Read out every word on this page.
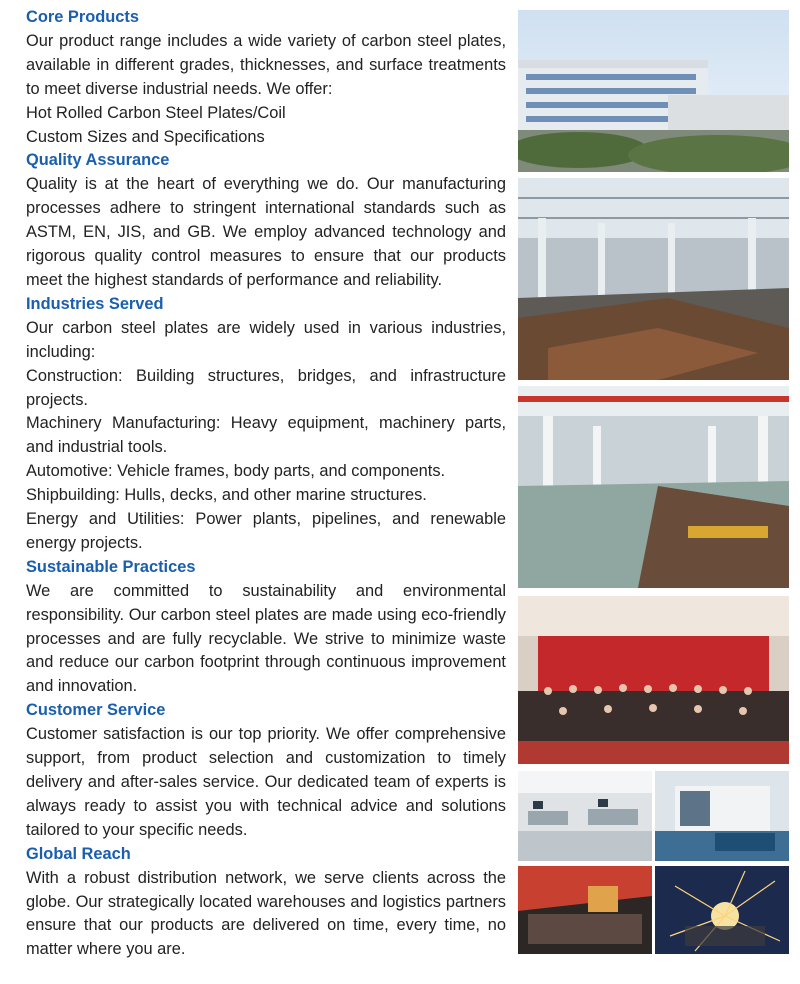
Core Products

Our product range includes a wide variety of carbon steel plates, available in different grades, thicknesses, and surface treatments to meet diverse industrial needs. We offer:

Hot Rolled Carbon Steel Plates/Coil

Custom Sizes and Specifications

Quality Assurance

Quality is at the heart of everything we do. Our manufacturing processes adhere to stringent international standards such as ASTM, EN, JIS, and GB. We employ advanced technology and rigorous quality control measures to ensure that our products meet the highest standards of performance and reliability.

Industries Served

Our carbon steel plates are widely used in various industries, including:

Construction: Building structures, bridges, and infrastructure projects.

Machinery Manufacturing: Heavy equipment, machinery parts, and industrial tools.

Automotive: Vehicle frames, body parts, and components.

Shipbuilding: Hulls, decks, and other marine structures.

Energy and Utilities: Power plants, pipelines, and renewable energy projects.

Sustainable Practices

We are committed to sustainability and environmental responsibility. Our carbon steel plates are made using eco-friendly processes and are fully recyclable. We strive to minimize waste and reduce our carbon footprint through continuous improvement and innovation.

Customer Service

Customer satisfaction is our top priority. We offer comprehensive support, from product selection and customization to timely delivery and after-sales service. Our dedicated team of experts is always ready to assist you with technical advice and solutions tailored to your specific needs.

Global Reach

With a robust distribution network, we serve clients across the globe. Our strategically located warehouses and logistics partners ensure that our products are delivered on time, every time, no matter where you are.
